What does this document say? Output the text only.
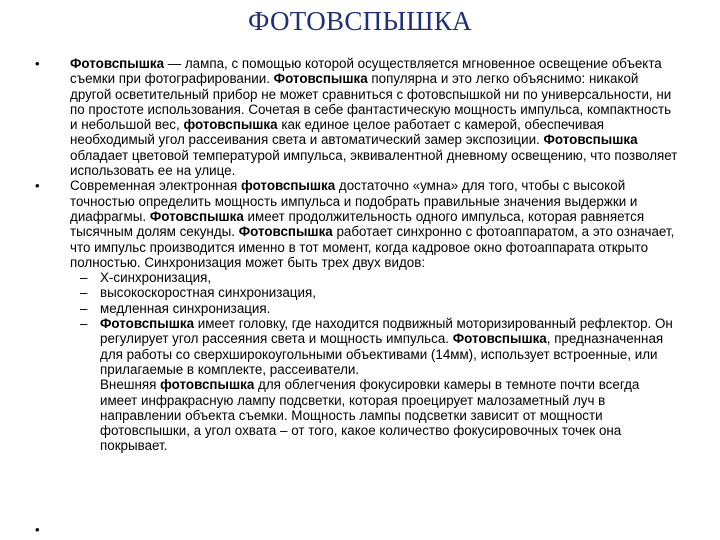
ФОТОВСПЫШКА
• Фотовспышка — лампа, с помощью которой осуществляется мгновенное освещение объекта съемки при фотографировании. Фотовспышка популярна и это легко объяснимо: никакой другой осветительный прибор не может сравниться с фотовспышкой ни по универсальности, ни по простоте использования. Сочетая в себе фантастическую мощность импульса, компактность и небольшой вес, фотовспышка как единое целое работает с камерой, обеспечивая необходимый угол рассеивания света и автоматический замер экспозиции. Фотовспышка обладает цветовой температурой импульса, эквивалентной дневному освещению, что позволяет использовать ее на улице.
• Современная электронная фотовспышка достаточно «умна» для того, чтобы с высокой точностью определить мощность импульса и подобрать правильные значения выдержки и диафрагмы. Фотовспышка имеет продолжительность одного импульса, которая равняется тысячным долям секунды. Фотовспышка работает синхронно с фотоаппаратом, а это означает, что импульс производится именно в тот момент, когда кадровое окно фотоаппарата открыто полностью. Синхронизация может быть трех двух видов:
– Х-синхронизация,
– высокоскоростная синхронизация,
– медленная синхронизация.
– Фотовспышка имеет головку, где находится подвижный моторизированный рефлектор. Он регулирует угол рассеяния света и мощность импульса. Фотовспышка, предназначенная для работы со сверхширокоугольными объективами (14мм), использует встроенные, или прилагаемые в комплекте, рассеиватели.
Внешняя фотовспышка для облегчения фокусировки камеры в темноте почти всегда имеет инфракрасную лампу подсветки, которая проецирует малозаметный луч в направлении объекта съемки. Мощность лампы подсветки зависит от мощности фотовспышки, а угол охвата – от того, какое количество фокусировочных точек она покрывает.
•
